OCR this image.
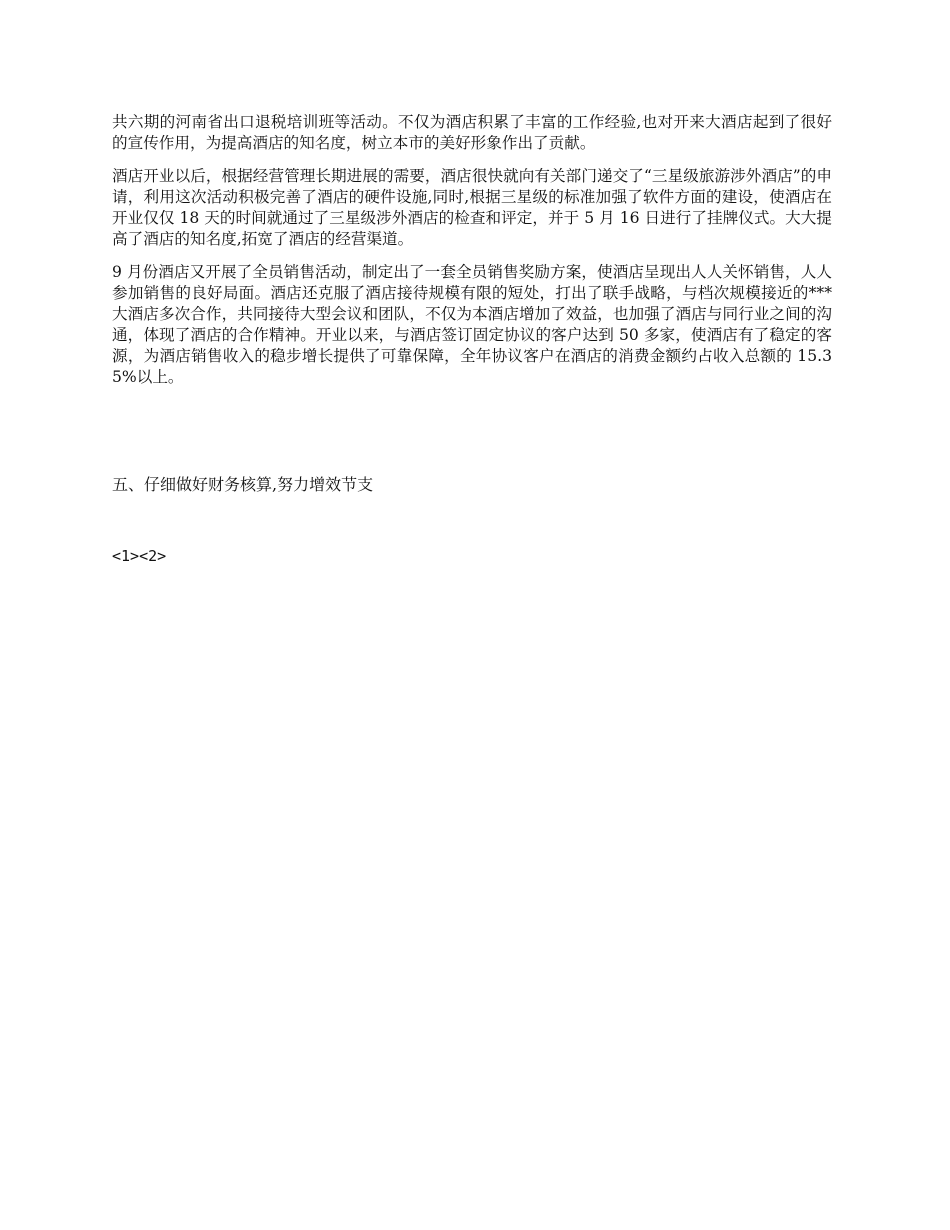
共六期的河南省出口退税培训班等活动。不仅为酒店积累了丰富的工作经验,也对开来大酒店起到了很好的宣传作用，为提高酒店的知名度，树立本市的美好形象作出了贡献。

酒店开业以后，根据经营管理长期进展的需要，酒店很快就向有关部门递交了“三星级旅游涉外酒店”的申请，利用这次活动积极完善了酒店的硬件设施,同时,根据三星级的标准加强了软件方面的建设，使酒店在开业仅仅 18 天的时间就通过了三星级涉外酒店的检查和评定，并于 5 月 16 日进行了挂牌仪式。大大提高了酒店的知名度,拓宽了酒店的经营渠道。

9 月份酒店又开展了全员销售活动，制定出了一套全员销售奖励方案，使酒店呈现出人人关怀销售，人人参加销售的良好局面。酒店还克服了酒店接待规模有限的短处，打出了联手战略，与档次规模接近的***大酒店多次合作，共同接待大型会议和团队，不仅为本酒店增加了效益，也加强了酒店与同行业之间的沟通，体现了酒店的合作精神。开业以来，与酒店签订固定协议的客户达到 50 多家，使酒店有了稳定的客源，为酒店销售收入的稳步增长提供了可靠保障，全年协议客户在酒店的消费金额约占收入总额的 15.35%以上。

五、仔细做好财务核算,努力增效节支

<1><2>
